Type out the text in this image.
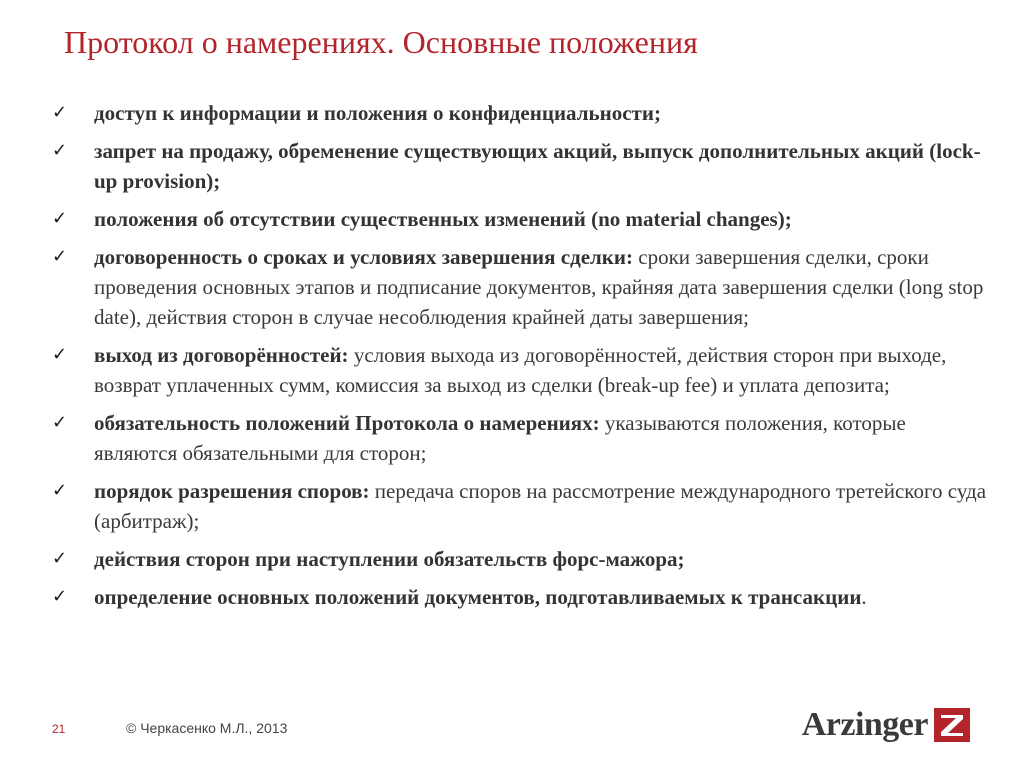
Протокол о намерениях. Основные положения
✓ доступ к информации и положения о конфиденциальности;
✓ запрет на продажу, обременение существующих акций, выпуск дополнительных акций (lock-up provision);
✓ положения об отсутствии существенных изменений (no material changes);
✓ договоренность о сроках и условиях завершения сделки: сроки завершения сделки, сроки проведения основных этапов и подписание документов, крайняя дата завершения сделки (long stop date), действия сторон в случае несоблюдения крайней даты завершения;
✓ выход из договорённостей: условия выхода из договорённостей, действия сторон при выходе, возврат уплаченных сумм, комиссия за выход из сделки (break-up fee) и уплата депозита;
✓ обязательность положений Протокола о намерениях: указываются положения, которые являются обязательными для сторон;
✓ порядок разрешения споров: передача споров на рассмотрение международного третейского суда (арбитраж);
✓ действия сторон при наступлении обязательств форс-мажора;
✓ определение основных положений документов, подготавливаемых к трансакции.
21	© Черкасенко М.Л., 2013	Arzinger
